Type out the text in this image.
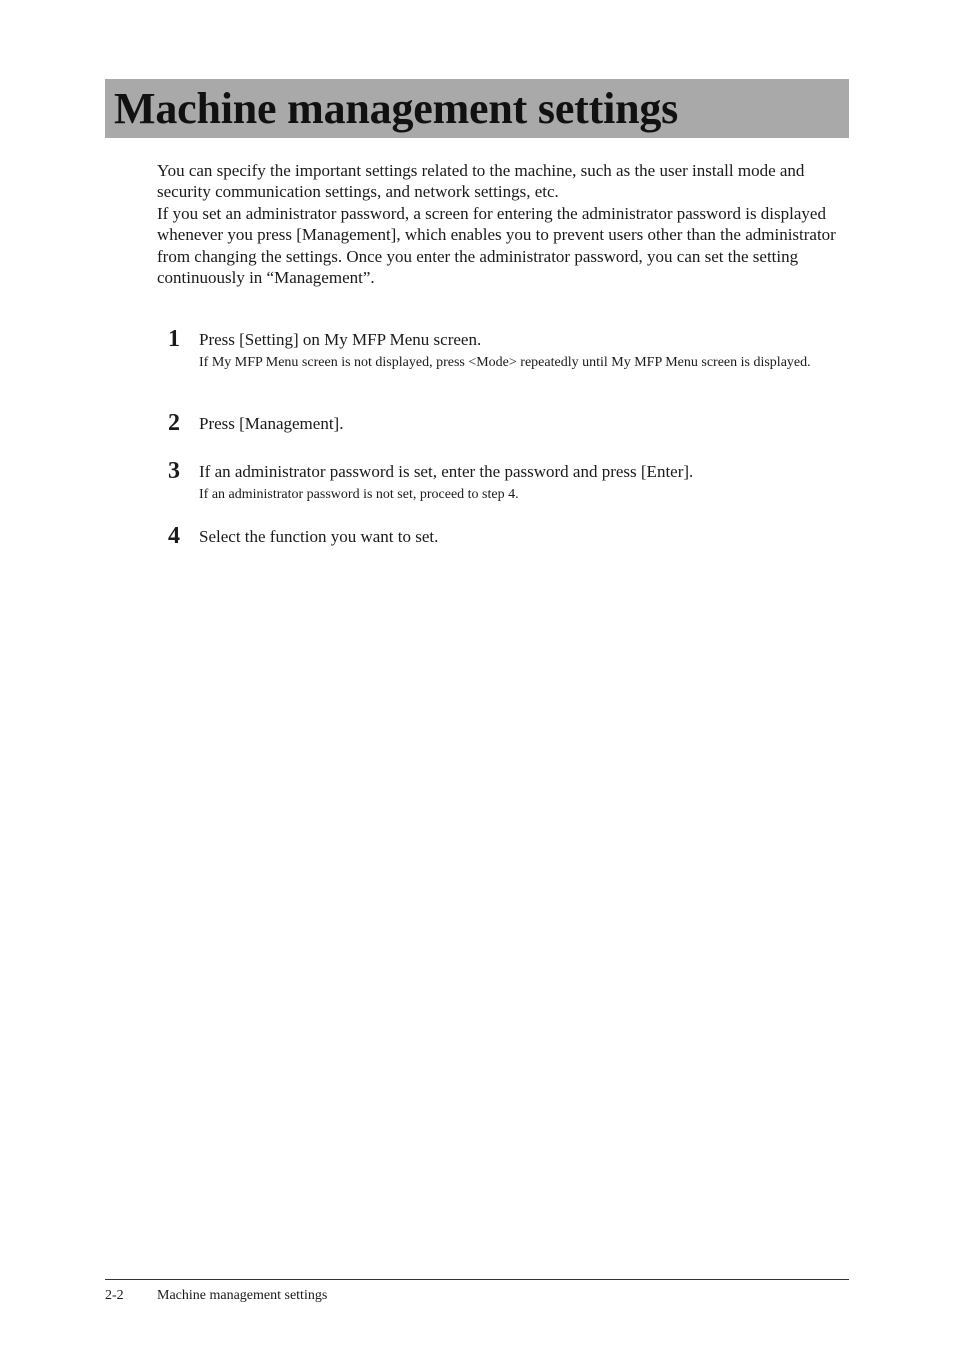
Machine management settings

You can specify the important settings related to the machine, such as the user install mode and security communication settings, and network settings, etc.

If you set an administrator password, a screen for entering the administrator password is displayed whenever you press [Management], which enables you to prevent users other than the administrator from changing the settings. Once you enter the administrator password, you can set the setting continuously in “Management”.

1	Press [Setting] on My MFP Menu screen.
If My MFP Menu screen is not displayed, press <Mode> repeatedly until My MFP Menu screen is displayed.
2	Press [Management].
3	If an administrator password is set, enter the password and press [Enter].
If an administrator password is not set, proceed to step 4.
4	Select the function you want to set.
2-2 Machine management settings
